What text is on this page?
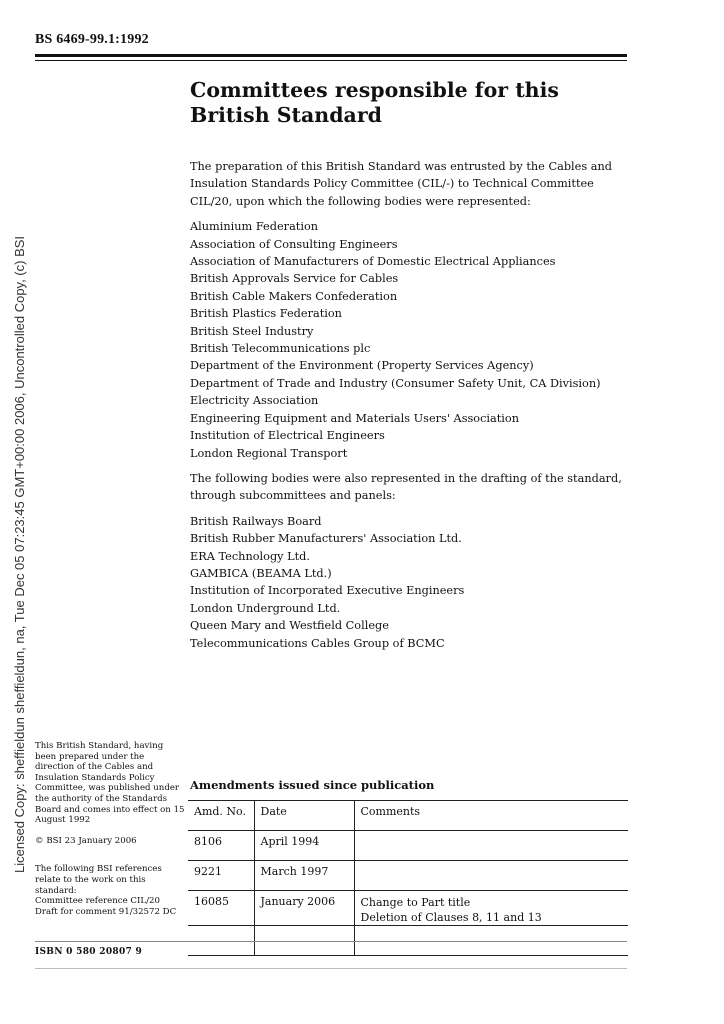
BS 6469-99.1:1992
Committees responsible for this
British Standard
Licensed Copy: sheffieldun sheffieldun, na, Tue Dec 05 07:23:45 GMT+00:00 2006, Uncontrolled Copy, (c) BSI

The preparation of this British Standard was entrusted by the Cables and Insulation Standards Policy Committee (CIL/-) to Technical Committee CIL/20, upon which the following bodies were represented:

Aluminium Federation
Association of Consulting Engineers
Association of Manufacturers of Domestic Electrical Appliances
British Approvals Service for Cables
British Cable Makers Confederation
British Plastics Federation
British Steel Industry
British Telecommunications plc
Department of the Environment (Property Services Agency)
Department of Trade and Industry (Consumer Safety Unit, CA Division)
Electricity Association
Engineering Equipment and Materials Users' Association
Institution of Electrical Engineers
London Regional Transport

The following bodies were also represented in the drafting of the standard, through subcommittees and panels:

British Railways Board
British Rubber Manufacturers' Association Ltd.
ERA Technology Ltd.
GAMBICA (BEAMA Ltd.)
Institution of Incorporated Executive Engineers
London Underground Ltd.
Queen Mary and Westfield College
Telecommunications Cables Group of BCMC

This British Standard, having been prepared under the direction of the Cables and Insulation Standards Policy Committee, was published under the authority of the Standards Board and comes into effect on 15 August 1992

© BSI 23 January 2006

The following BSI references relate to the work on this standard:
Committee reference CIL/20
Draft for comment 91/32572 DC

Amendments issued since publication
Amd. No.	Date	Comments
8106	April 1994	

9221	March 1997	

16085	January 2006	Change to Part title
Deletion of Clauses 8, 11 and 13

ISBN 0 580 20807 9
